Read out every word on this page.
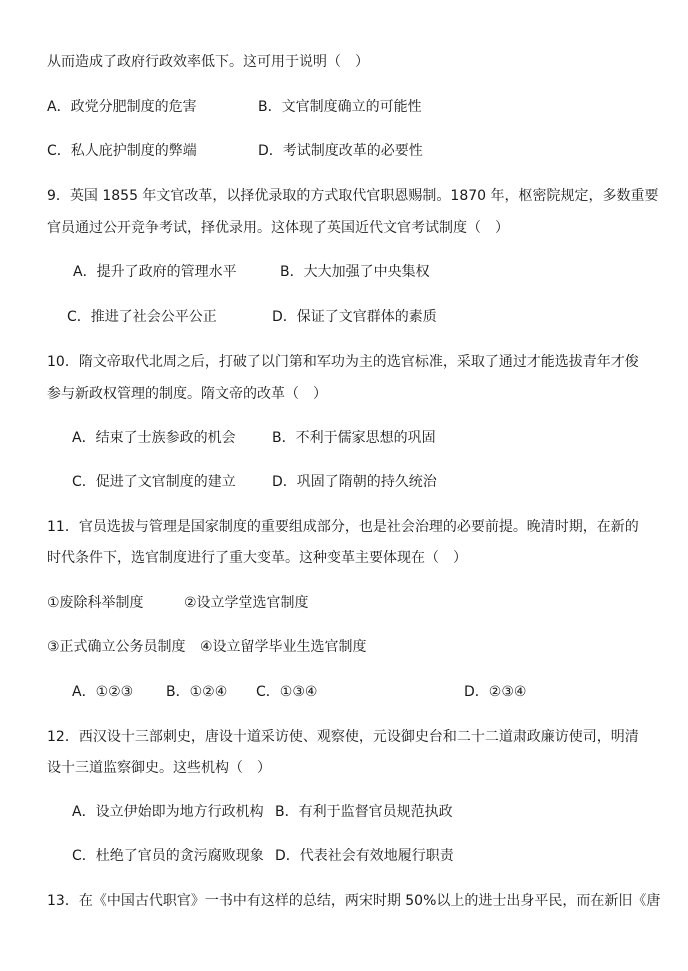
从而造成了政府行政效率低下。这可用于说明（　）
A．政党分肥制度的危害	B．文官制度确立的可能性
C．私人庇护制度的弊端	D．考试制度改革的必要性
9．英国 1855 年文官改革，以择优录取的方式取代官职恩赐制。1870 年，枢密院规定，多数重要
官员通过公开竞争考试，择优录用。这体现了英国近代文官考试制度（　）
A．提升了政府的管理水平	B．大大加强了中央集权
C．推进了社会公平公正	D．保证了文官群体的素质
10．隋文帝取代北周之后，打破了以门第和军功为主的选官标准，采取了通过才能选拔青年才俊
参与新政权管理的制度。隋文帝的改革（　）
A．结束了士族参政的机会	B．不利于儒家思想的巩固
C．促进了文官制度的建立	D．巩固了隋朝的持久统治
11．官员选拔与管理是国家制度的重要组成部分，也是社会治理的必要前提。晚清时期，在新的
时代条件下，选官制度进行了重大变革。这种变革主要体现在（　）
①废除科举制度	②设立学堂选官制度
③正式确立公务员制度 ④设立留学毕业生选官制度
A．①②③ B．①②④ C．①③④	D．②③④
12．西汉设十三部刺史，唐设十道采访使、观察使，元设御史台和二十二道肃政廉访使司，明清
设十三道监察御史。这些机构（　）
A．设立伊始即为地方行政机构 B．有利于监督官员规范执政
C．杜绝了官员的贪污腐败现象 D．代表社会有效地履行职责
13．在《中国古代职官》一书中有这样的总结，两宋时期 50%以上的进士出身平民，而在新旧《唐
